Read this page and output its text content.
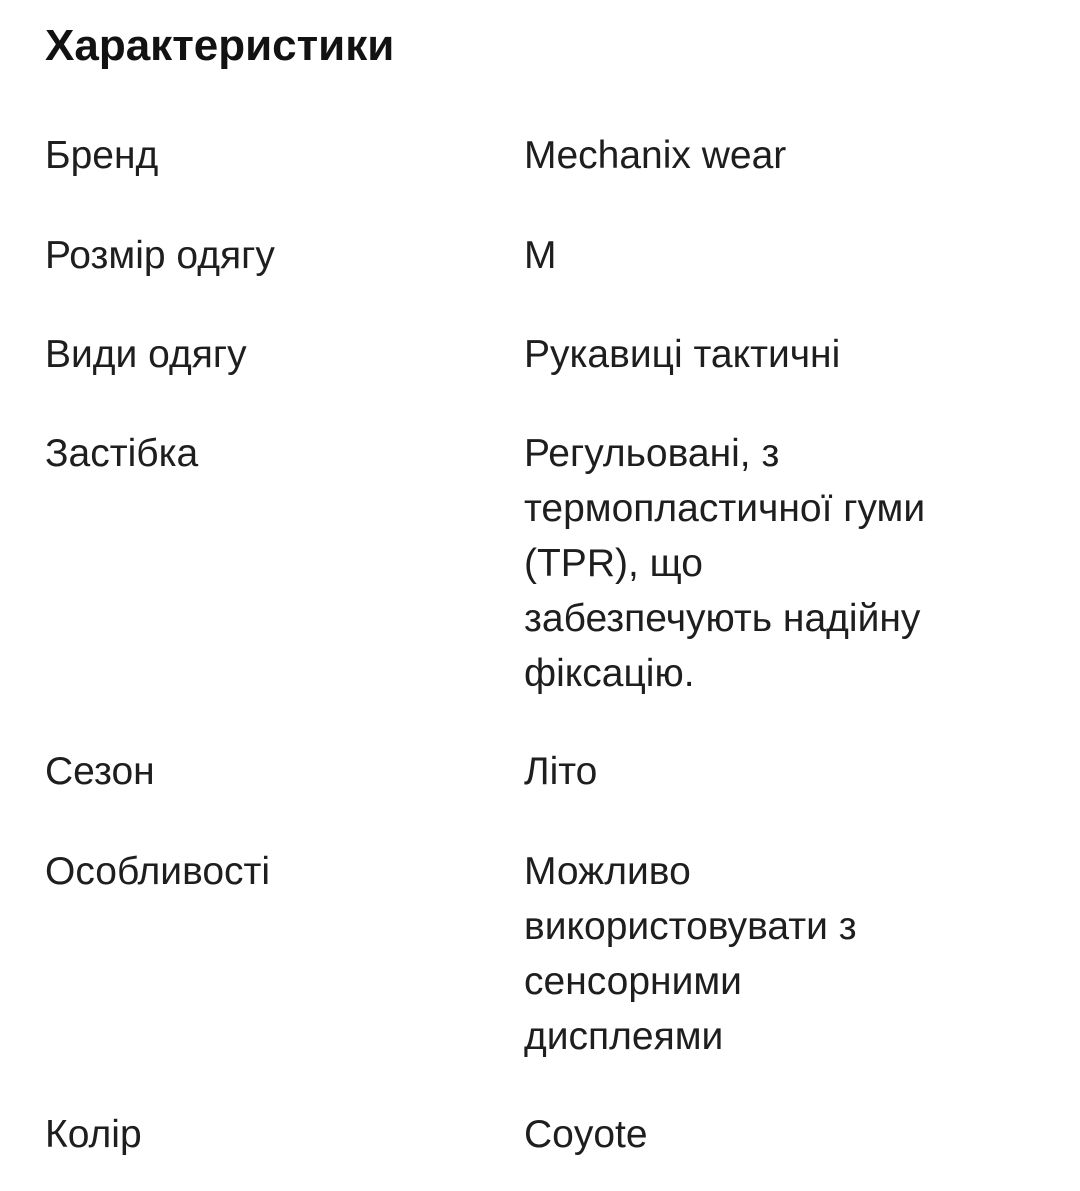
Характеристики
Бренд	Mechanix wear
Розмір одягу	M
Види одягу	Рукавиці тактичні
Застібка	Регульовані, з
термопластичної гуми
(TPR), що
забезпечують надійну
фіксацію.
Сезон	Літо
Особливості	Можливо
використовувати з
сенсорними
дисплеями
Колір	Coyote
